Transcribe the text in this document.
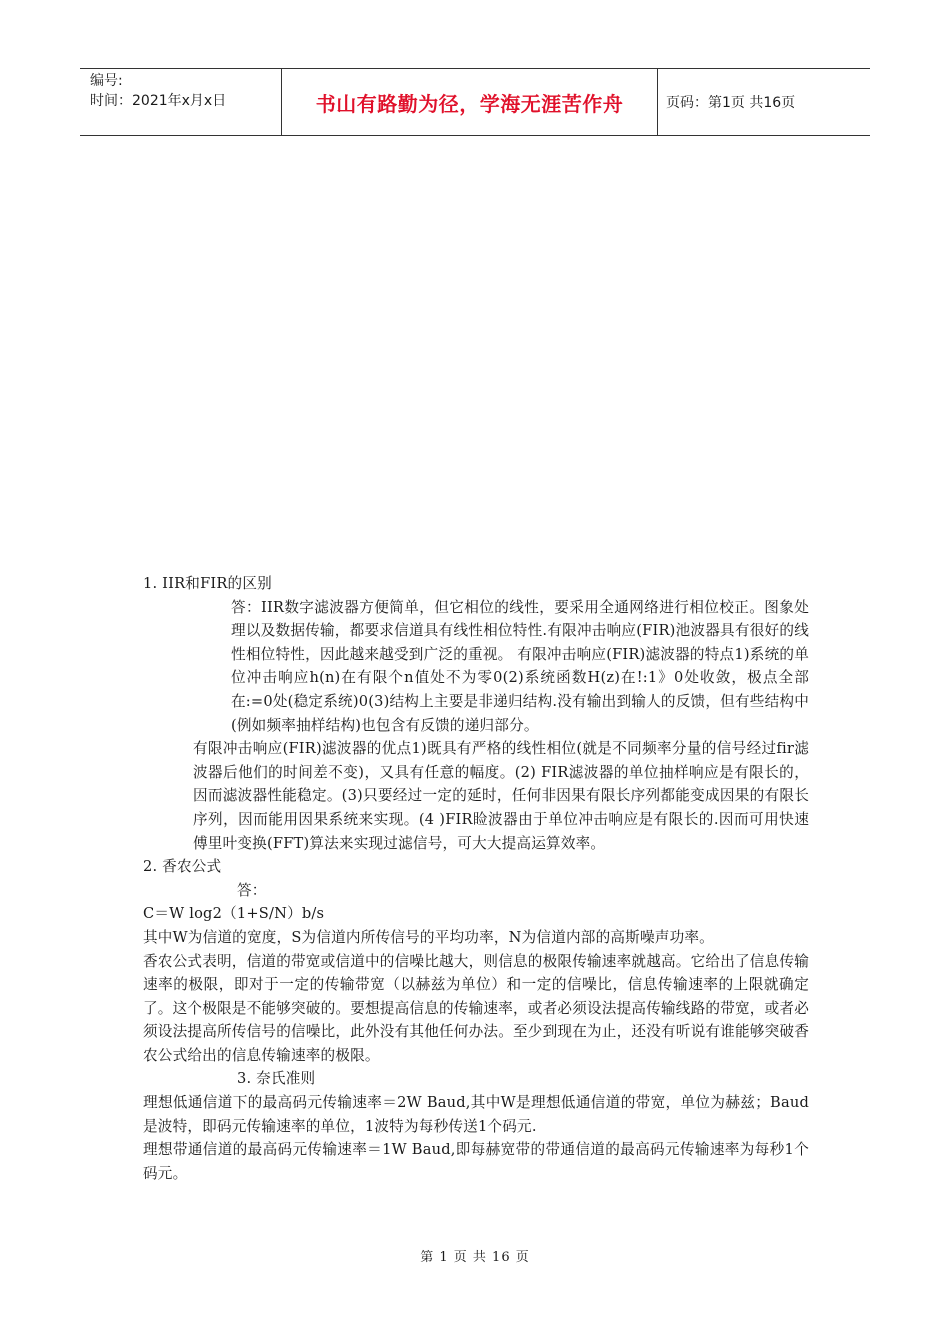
编号:
时间：2021年x月x日	书山有路勤为径，学海无涯苦作舟	页码：第1页 共16页

1. IIR和FIR的区别

答：IIR数字滤波器方便简单，但它相位的线性，要采用全通网络进行相位校正。图象处理以及数据传输，都要求信道具有线性相位特性.有限冲击响应(FIR)池波器具有很好的线性相位特性，因此越来越受到广泛的重视。 有限冲击响应(FIR)滤波器的特点1)系统的单位冲击响应h(n)在有限个n值处不为零0(2)系统函数H(z)在!:1》0处收敛，极点全部在:=0处(稳定系统)0(3)结构上主要是非递归结构.没有输出到输人的反馈，但有些结构中(例如频率抽样结构)也包含有反馈的递归部分。

有限冲击响应(FIR)滤波器的优点1)既具有严格的线性相位(就是不同频率分量的信号经过fir滤波器后他们的时间差不变)，又具有任意的幅度。(2) FIR滤波器的单位抽样响应是有限长的，因而滤波器性能稳定。(3)只要经过一定的延时，任何非因果有限长序列都能变成因果的有限长序列，因而能用因果系统来实现。(4 )FIR睑波器由于单位冲击响应是有限长的.因而可用快速傅里叶变换(FFT)算法来实现过滤信号，可大大提高运算效率。

2. 香农公式

答：

C＝W log2（1+S/N）b/s

其中W为信道的宽度，S为信道内所传信号的平均功率，N为信道内部的高斯噪声功率。

香农公式表明，信道的带宽或信道中的信噪比越大，则信息的极限传输速率就越高。它给出了信息传输速率的极限，即对于一定的传输带宽（以赫兹为单位）和一定的信噪比，信息传输速率的上限就确定了。这个极限是不能够突破的。要想提高信息的传输速率，或者必须设法提高传输线路的带宽，或者必须设法提高所传信号的信噪比，此外没有其他任何办法。至少到现在为止，还没有听说有谁能够突破香农公式给出的信息传输速率的极限。

3. 奈氏准则

理想低通信道下的最高码元传输速率＝2W Baud,其中W是理想低通信道的带宽，单位为赫兹；Baud是波特，即码元传输速率的单位，1波特为每秒传送1个码元.

理想带通信道的最高码元传输速率＝1W Baud,即每赫宽带的带通信道的最高码元传输速率为每秒1个码元。

第 1 页 共 16 页
